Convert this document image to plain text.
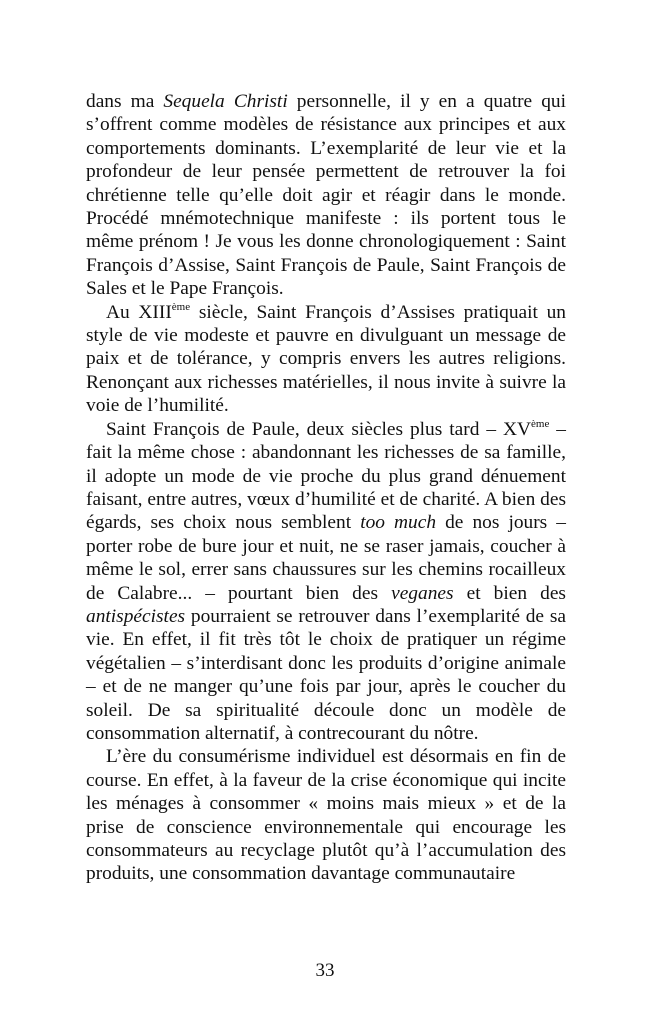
dans ma Sequela Christi personnelle, il y en a quatre qui s’offrent comme modèles de résistance aux principes et aux comportements dominants. L’exemplarité de leur vie et la profondeur de leur pensée permettent de retrouver la foi chrétienne telle qu’elle doit agir et réagir dans le monde. Procédé mnémotechnique manifeste : ils portent tous le même prénom ! Je vous les donne chronologiquement : Saint François d’Assise, Saint François de Paule, Saint François de Sales et le Pape François.

Au XIIIème siècle, Saint François d’Assises pratiquait un style de vie modeste et pauvre en divulguant un message de paix et de tolérance, y compris envers les autres religions. Renonçant aux richesses matérielles, il nous invite à suivre la voie de l’humilité.

Saint François de Paule, deux siècles plus tard – XVème – fait la même chose : abandonnant les richesses de sa famille, il adopte un mode de vie proche du plus grand dénuement faisant, entre autres, vœux d’humilité et de charité. A bien des égards, ses choix nous semblent too much de nos jours – porter robe de bure jour et nuit, ne se raser jamais, coucher à même le sol, errer sans chaussures sur les chemins rocailleux de Calabre... – pourtant bien des veganes et bien des antispécistes pourraient se retrouver dans l’exemplarité de sa vie. En effet, il fit très tôt le choix de pratiquer un régime végétalien – s’interdisant donc les produits d’origine animale – et de ne manger qu’une fois par jour, après le coucher du soleil. De sa spiritualité découle donc un modèle de consommation alternatif, à contrecourant du nôtre.

L’ère du consumérisme individuel est désormais en fin de course. En effet, à la faveur de la crise économique qui incite les ménages à consommer « moins mais mieux » et de la prise de conscience environnementale qui encourage les consommateurs au recyclage plutôt qu’à l’accumulation des produits, une consommation davantage communautaire

33
